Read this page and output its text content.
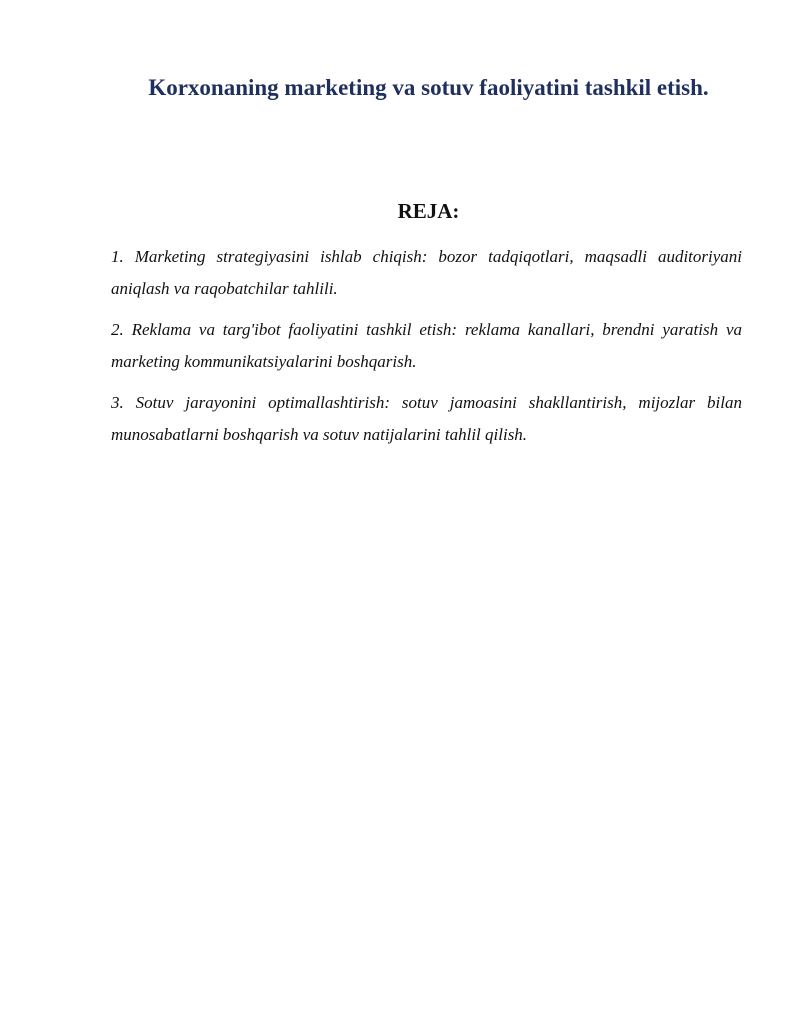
Korxonaning marketing va sotuv faoliyatini tashkil etish.
REJA:
1. Marketing strategiyasini ishlab chiqish: bozor tadqiqotlari, maqsadli auditoriyani aniqlash va raqobatchilar tahlili.
2. Reklama va targ'ibot faoliyatini tashkil etish: reklama kanallari, brendni yaratish va marketing kommunikatsiyalarini boshqarish.
3. Sotuv jarayonini optimallashtirish: sotuv jamoasini shakllantirish, mijozlar bilan munosabatlarni boshqarish va sotuv natijalarini tahlil qilish.
